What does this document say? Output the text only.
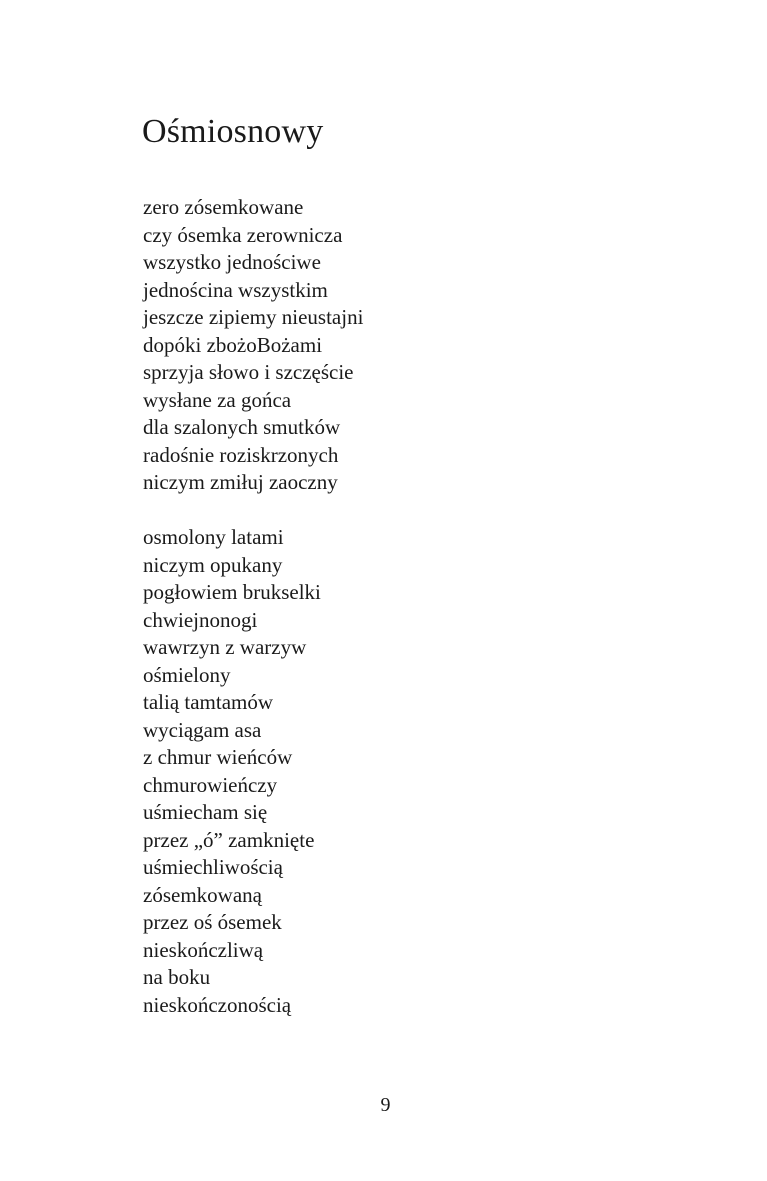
Ośmiosnowy
zero zósemkowane
czy ósemka zerownicza
wszystko jednościwe
jednościna wszystkim
jeszcze zipiemy nieustajni
dopóki zbożoBożami
sprzyja słowo i szczęście
wysłane za gońca
dla szalonych smutków
radośnie roziskrzonych
niczym zmiłuj zaoczny
osmolony latami
niczym opukany
pogłowiem brukselki
chwiejnonogi
wawrzyn z warzyw
ośmielony
talią tamtamów
wyciągam asa
z chmur wieńców
chmurowieńczy
uśmiecham się
przez „ó” zamknięte
uśmiechliwością
zósemkowaną
przez oś ósemek
nieskończliwą
na boku
nieskończonością
9
